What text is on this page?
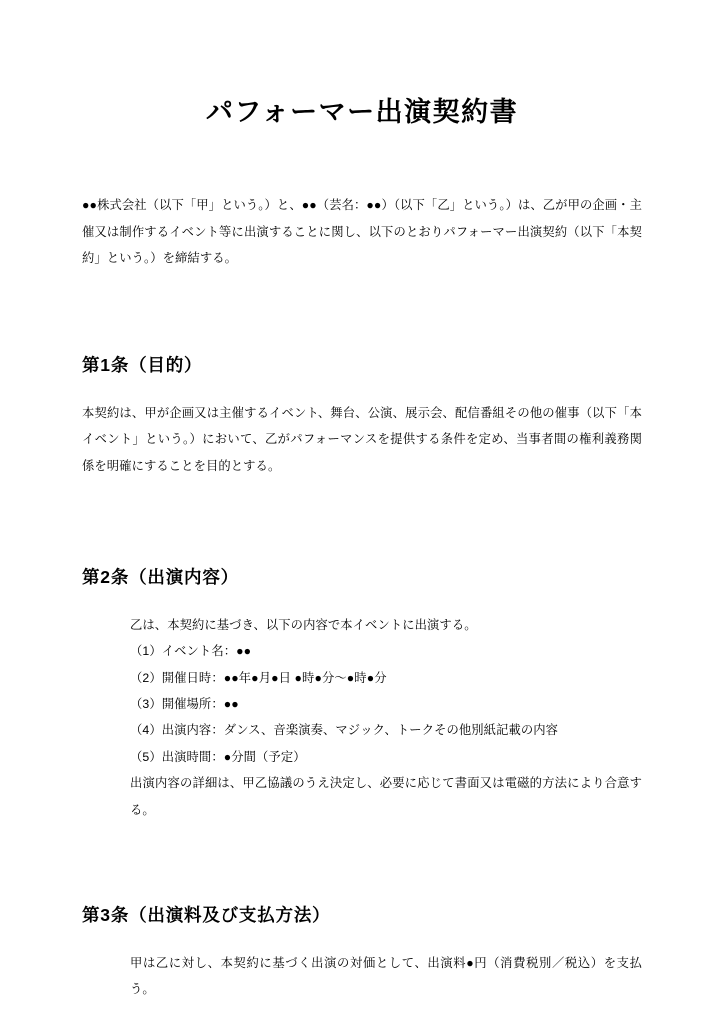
パフォーマー出演契約書
●●株式会社（以下「甲」という。）と、●●（芸名：●●）（以下「乙」という。）は、乙が甲の企画・主催又は制作するイベント等に出演することに関し、以下のとおりパフォーマー出演契約（以下「本契約」という。）を締結する。
第1条（目的）

本契約は、甲が企画又は主催するイベント、舞台、公演、展示会、配信番組その他の催事（以下「本イベント」という。）において、乙がパフォーマンスを提供する条件を定め、当事者間の権利義務関係を明確にすることを目的とする。

第2条（出演内容）

乙は、本契約に基づき、以下の内容で本イベントに出演する。

（1）イベント名：●●

（2）開催日時：●●年●月●日 ●時●分～●時●分

（3）開催場所：●●

（4）出演内容：ダンス、音楽演奏、マジック、トークその他別紙記載の内容

（5）出演時間：●分間（予定）

出演内容の詳細は、甲乙協議のうえ決定し、必要に応じて書面又は電磁的方法により合意する。

第3条（出演料及び支払方法）

甲は乙に対し、本契約に基づく出演の対価として、出演料●円（消費税別／税込）を支払う。
